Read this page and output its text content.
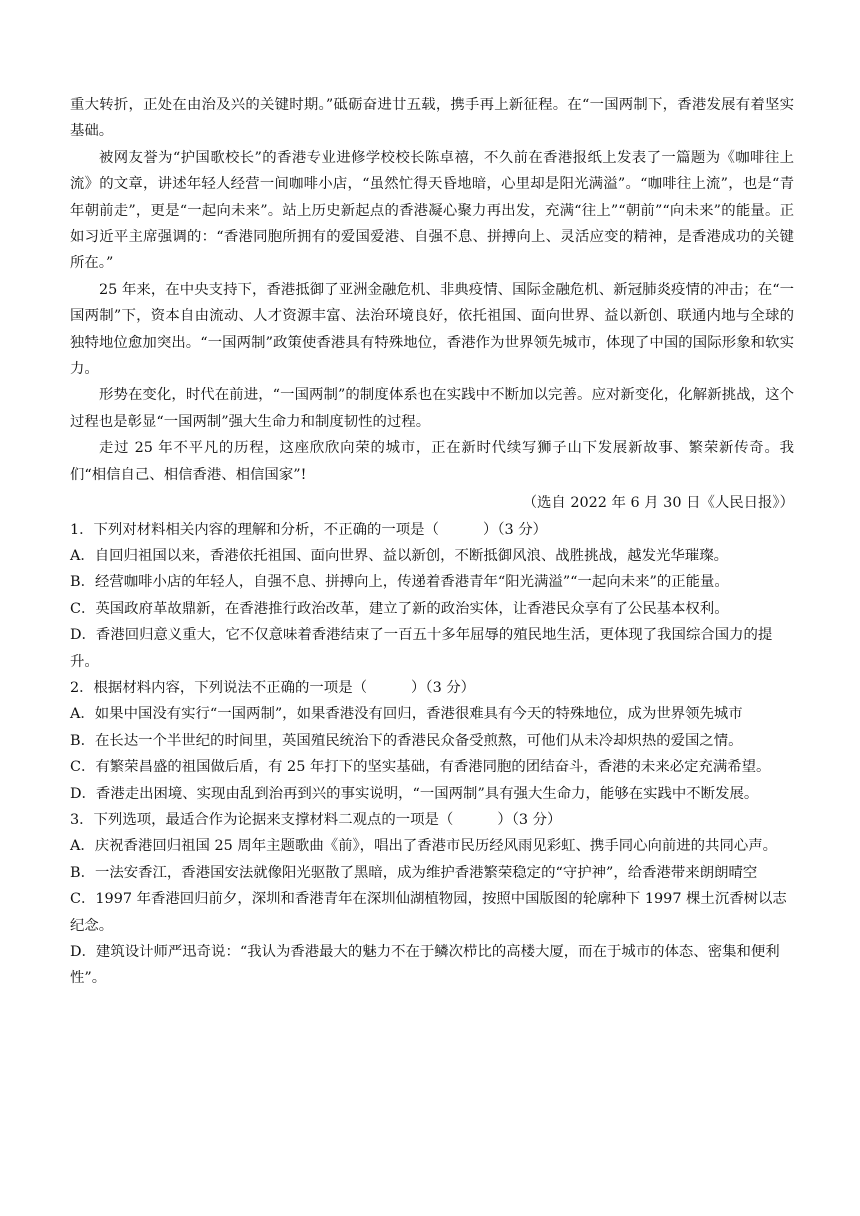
重大转折，正处在由治及兴的关键时期。”砥砺奋进廿五载，携手再上新征程。在“一国两制下，香港发展有着坚实基础。

被网友誉为“护国歌校长”的香港专业进修学校校长陈卓禧，不久前在香港报纸上发表了一篇题为《咖啡往上流》的文章，讲述年轻人经营一间咖啡小店，“虽然忙得天昏地暗，心里却是阳光满溢”。“咖啡往上流”，也是“青年朝前走”，更是“一起向未来”。站上历史新起点的香港凝心聚力再出发，充满“往上”“朝前”“向未来”的能量。正如习近平主席强调的：“香港同胞所拥有的爱国爱港、自强不息、拼搏向上、灵活应变的精神，是香港成功的关键所在。”

25 年来，在中央支持下，香港抵御了亚洲金融危机、非典疫情、国际金融危机、新冠肺炎疫情的冲击；在“一国两制”下，资本自由流动、人才资源丰富、法治环境良好，依托祖国、面向世界、益以新创、联通内地与全球的独特地位愈加突出。“一国两制”政策使香港具有特殊地位，香港作为世界领先城市，体现了中国的国际形象和软实力。

形势在变化，时代在前进，“一国两制”的制度体系也在实践中不断加以完善。应对新变化，化解新挑战，这个过程也是彰显“一国两制”强大生命力和制度韧性的过程。

走过 25 年不平凡的历程，这座欣欣向荣的城市，正在新时代续写狮子山下发展新故事、繁荣新传奇。我们“相信自己、相信香港、相信国家”!

（选自 2022 年 6 月 30 日《人民日报》）

1．下列对材料相关内容的理解和分析，不正确的一项是（	）（3 分）

A．自回归祖国以来，香港依托祖国、面向世界、益以新创，不断抵御风浪、战胜挑战，越发光华璀璨。

B．经营咖啡小店的年轻人，自强不息、拼搏向上，传递着香港青年“阳光满溢”“一起向未来”的正能量。

C．英国政府革故鼎新，在香港推行政治改革，建立了新的政治实体，让香港民众享有了公民基本权利。

D．香港回归意义重大，它不仅意味着香港结束了一百五十多年屈辱的殖民地生活，更体现了我国综合国力的提升。

2．根据材料内容，下列说法不正确的一项是（	）（3 分）

A．如果中国没有实行“一国两制”，如果香港没有回归，香港很难具有今天的特殊地位，成为世界领先城市

B．在长达一个半世纪的时间里，英国殖民统治下的香港民众备受煎熬，可他们从未冷却炽热的爱国之情。

C．有繁荣昌盛的祖国做后盾，有 25 年打下的坚实基础，有香港同胞的团结奋斗，香港的未来必定充满希望。

D．香港走出困境、实现由乱到治再到兴的事实说明，“一国两制”具有强大生命力，能够在实践中不断发展。

3．下列选项，最适合作为论据来支撑材料二观点的一项是（	）（3 分）

A．庆祝香港回归祖国 25 周年主题歌曲《前》，唱出了香港市民历经风雨见彩虹、携手同心向前进的共同心声。

B．一法安香江，香港国安法就像阳光驱散了黑暗，成为维护香港繁荣稳定的“守护神”，给香港带来朗朗晴空

C．1997 年香港回归前夕，深圳和香港青年在深圳仙湖植物园，按照中国版图的轮廓种下 1997 棵土沉香树以志纪念。

D．建筑设计师严迅奇说：“我认为香港最大的魅力不在于鳞次栉比的高楼大厦，而在于城市的体态、密集和便利性”。
